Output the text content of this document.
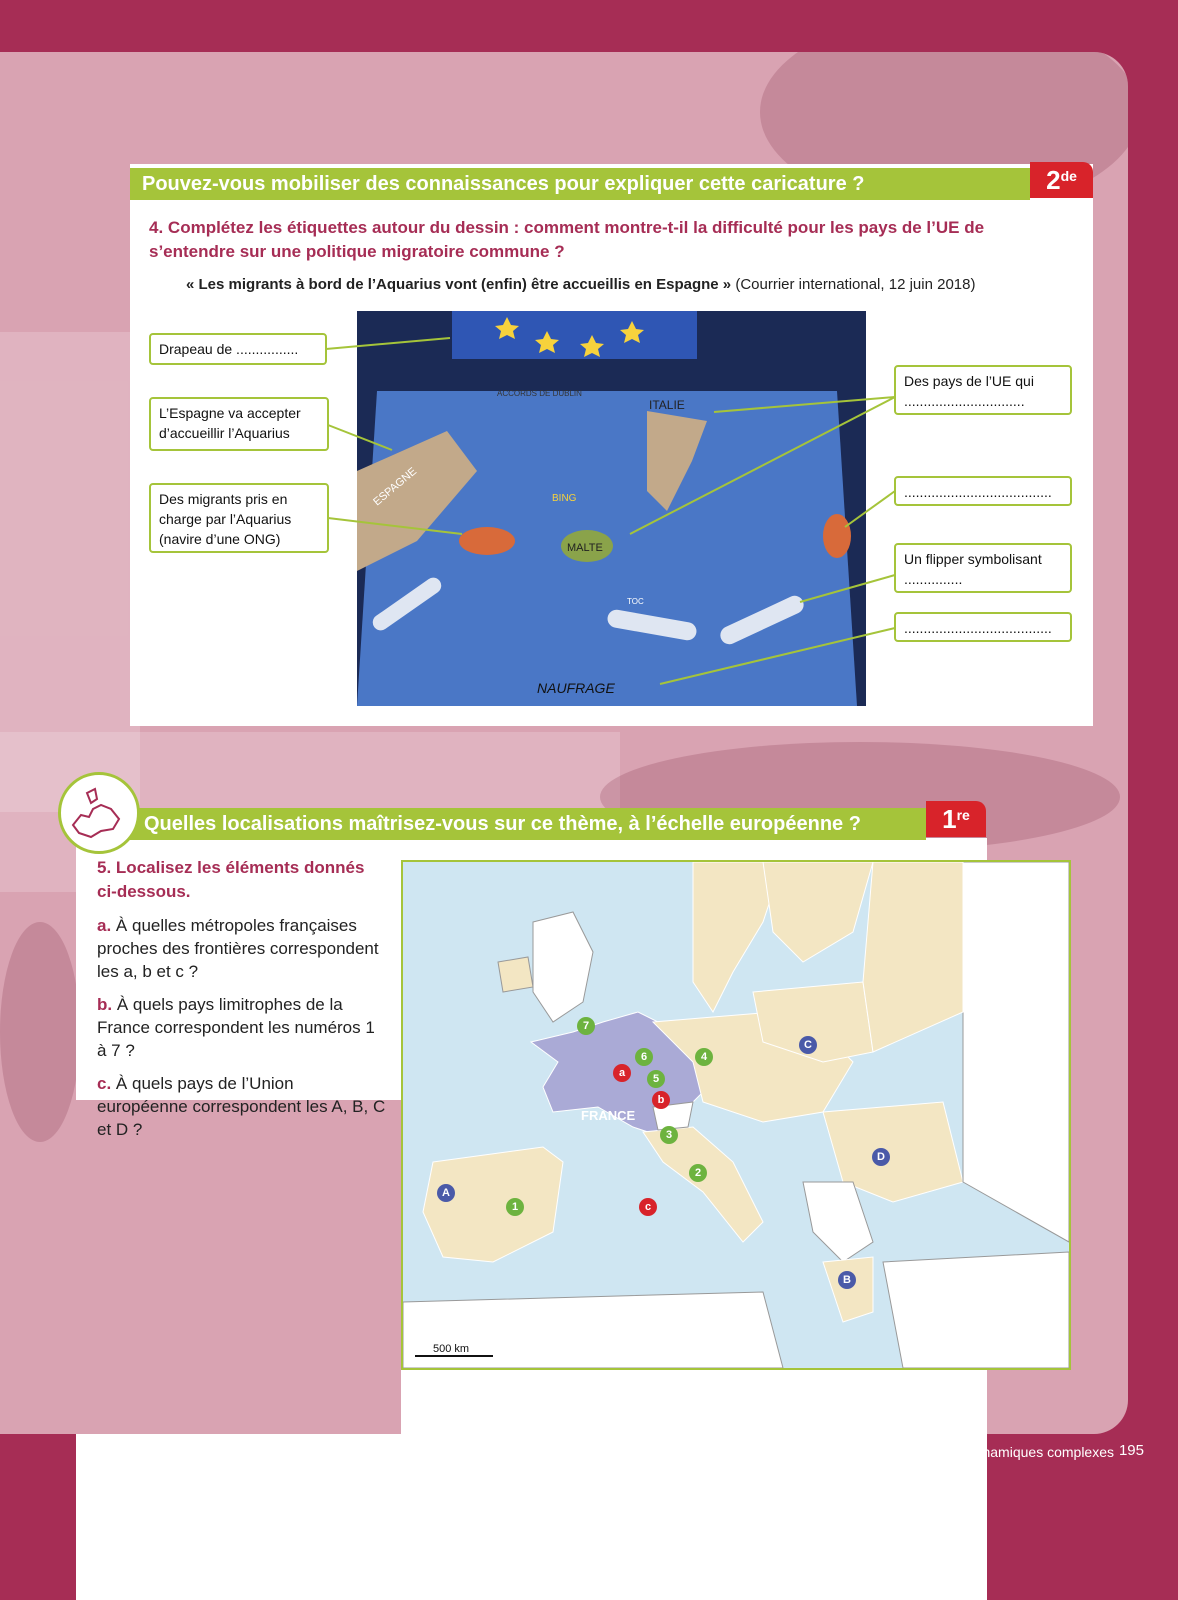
Pouvez-vous mobiliser des connaissances pour expliquer cette caricature ?	2de
4. Complétez les étiquettes autour du dessin : comment montre-t-il la difficulté pour les pays de l’UE de s’entendre sur une politique migratoire commune ?
« Les migrants à bord de l’Aquarius vont (enfin) être accueillis en Espagne » (Courrier international, 12 juin 2018)
ESPAGNE
ITALIE
MALTE
ACCORDS DE DUBLIN
BING
TOC
NAUFRAGE
Drapeau de ................
L’Espagne va accepter d’accueillir l’Aquarius
Des migrants pris en charge par l’Aquarius (navire d’une ONG)
Des pays de l’UE qui ...............................
......................................
Un flipper symbolisant ...............
......................................
Quelles localisations maîtrisez-vous sur ce thème, à l’échelle européenne ?	1re
5. Localisez les éléments donnés ci-dessous.
a. À quelles métropoles françaises proches des frontières correspondent les a, b et c ?
b. À quels pays limitrophes de la France correspondent les numéros 1 à 7 ?
c. À quels pays de l’Union européenne correspondent les A, B, C et D ?
FRANCE
500 km
1
2
3
4
5
6
7
a
b
c
A
B
C
D
Thème 3 L’UE dans la mondialisation : des dynamiques complexes 195
